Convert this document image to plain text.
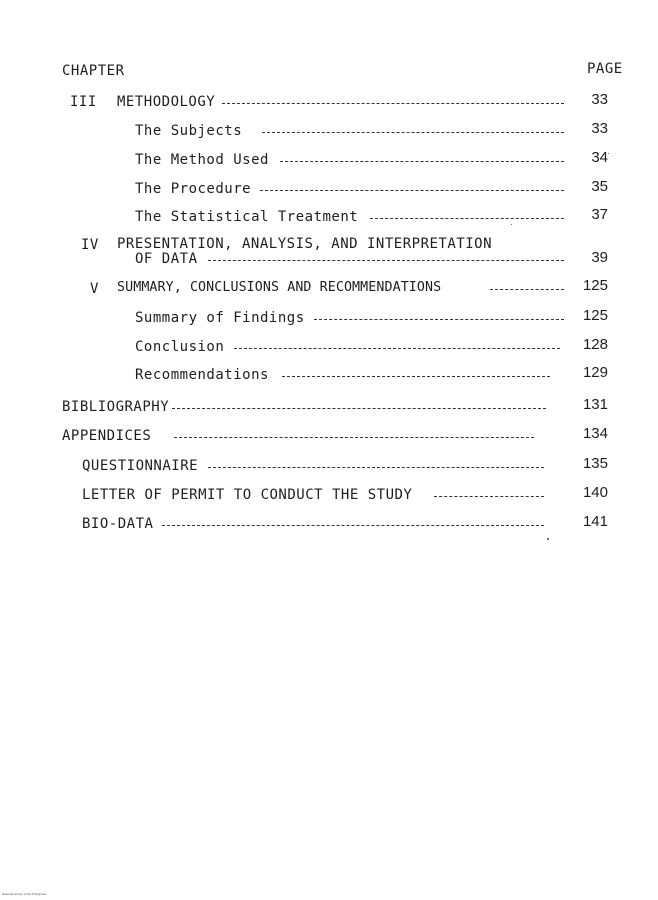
CHAPTER	PAGE
III METHODOLOGY	33
The Subjects	33
The Method Used	34
The Procedure	35
The Statistical Treatment	37
IV PRESENTATION, ANALYSIS, AND INTERPRETATION
OF DATA	39
V SUMMARY, CONCLUSIONS AND RECOMMENDATIONS	125
Summary of Findings	125
Conclusion	128
Recommendations	129
BIBLIOGRAPHY	131
APPENDICES	134
QUESTIONNAIRE	135
LETTER OF PERMIT TO CONDUCT THE STUDY	140
BIO-DATA	141
National Library of the Philippines
